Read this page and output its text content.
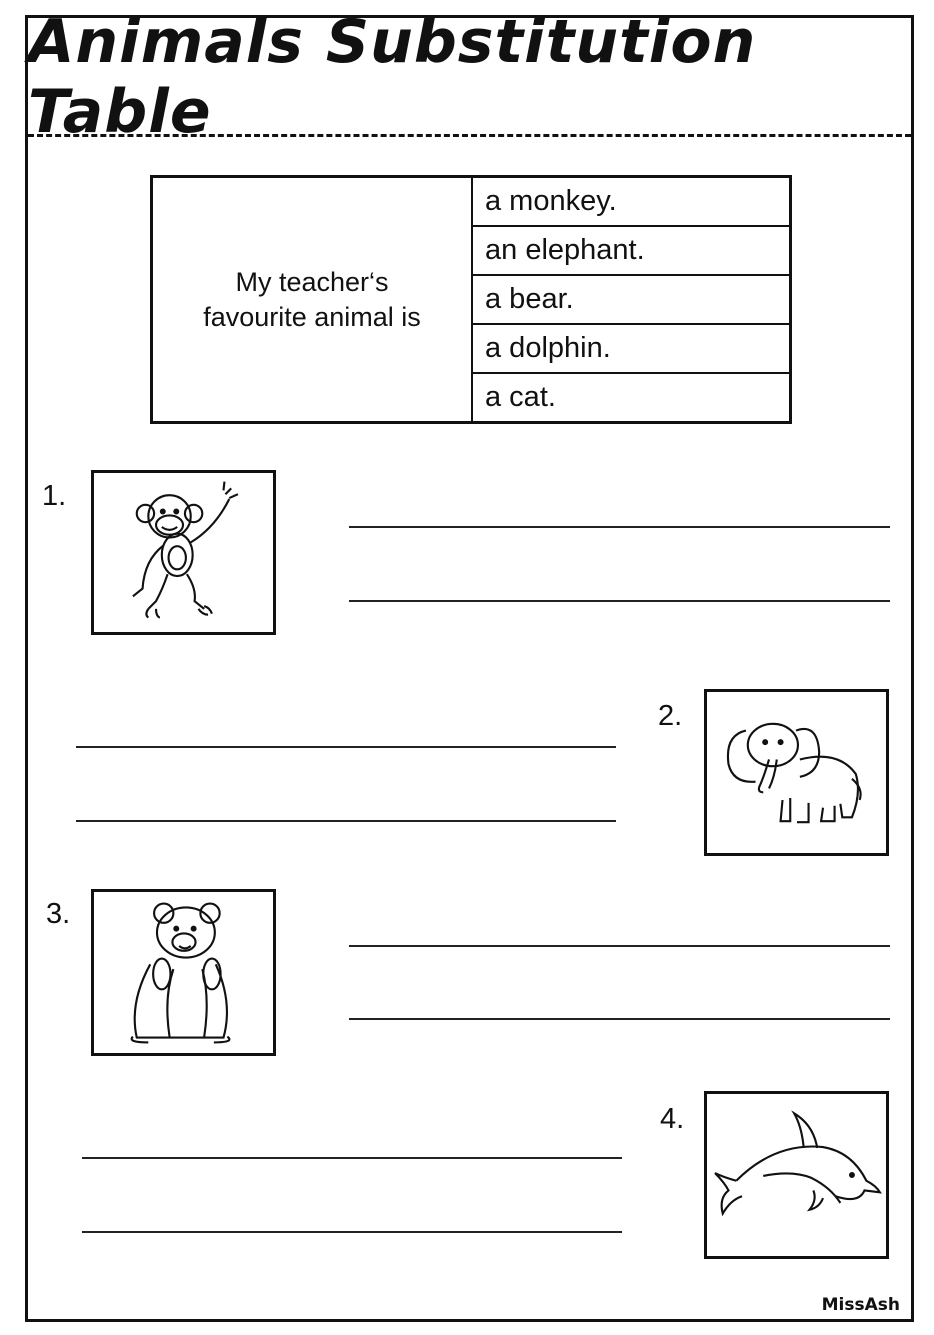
Animals Substitution Table
My teacher‘s
favourite animal is
a monkey.
an elephant.
a bear.
a dolphin.
a cat.
1.
2.
3.
4.
MissAsh
